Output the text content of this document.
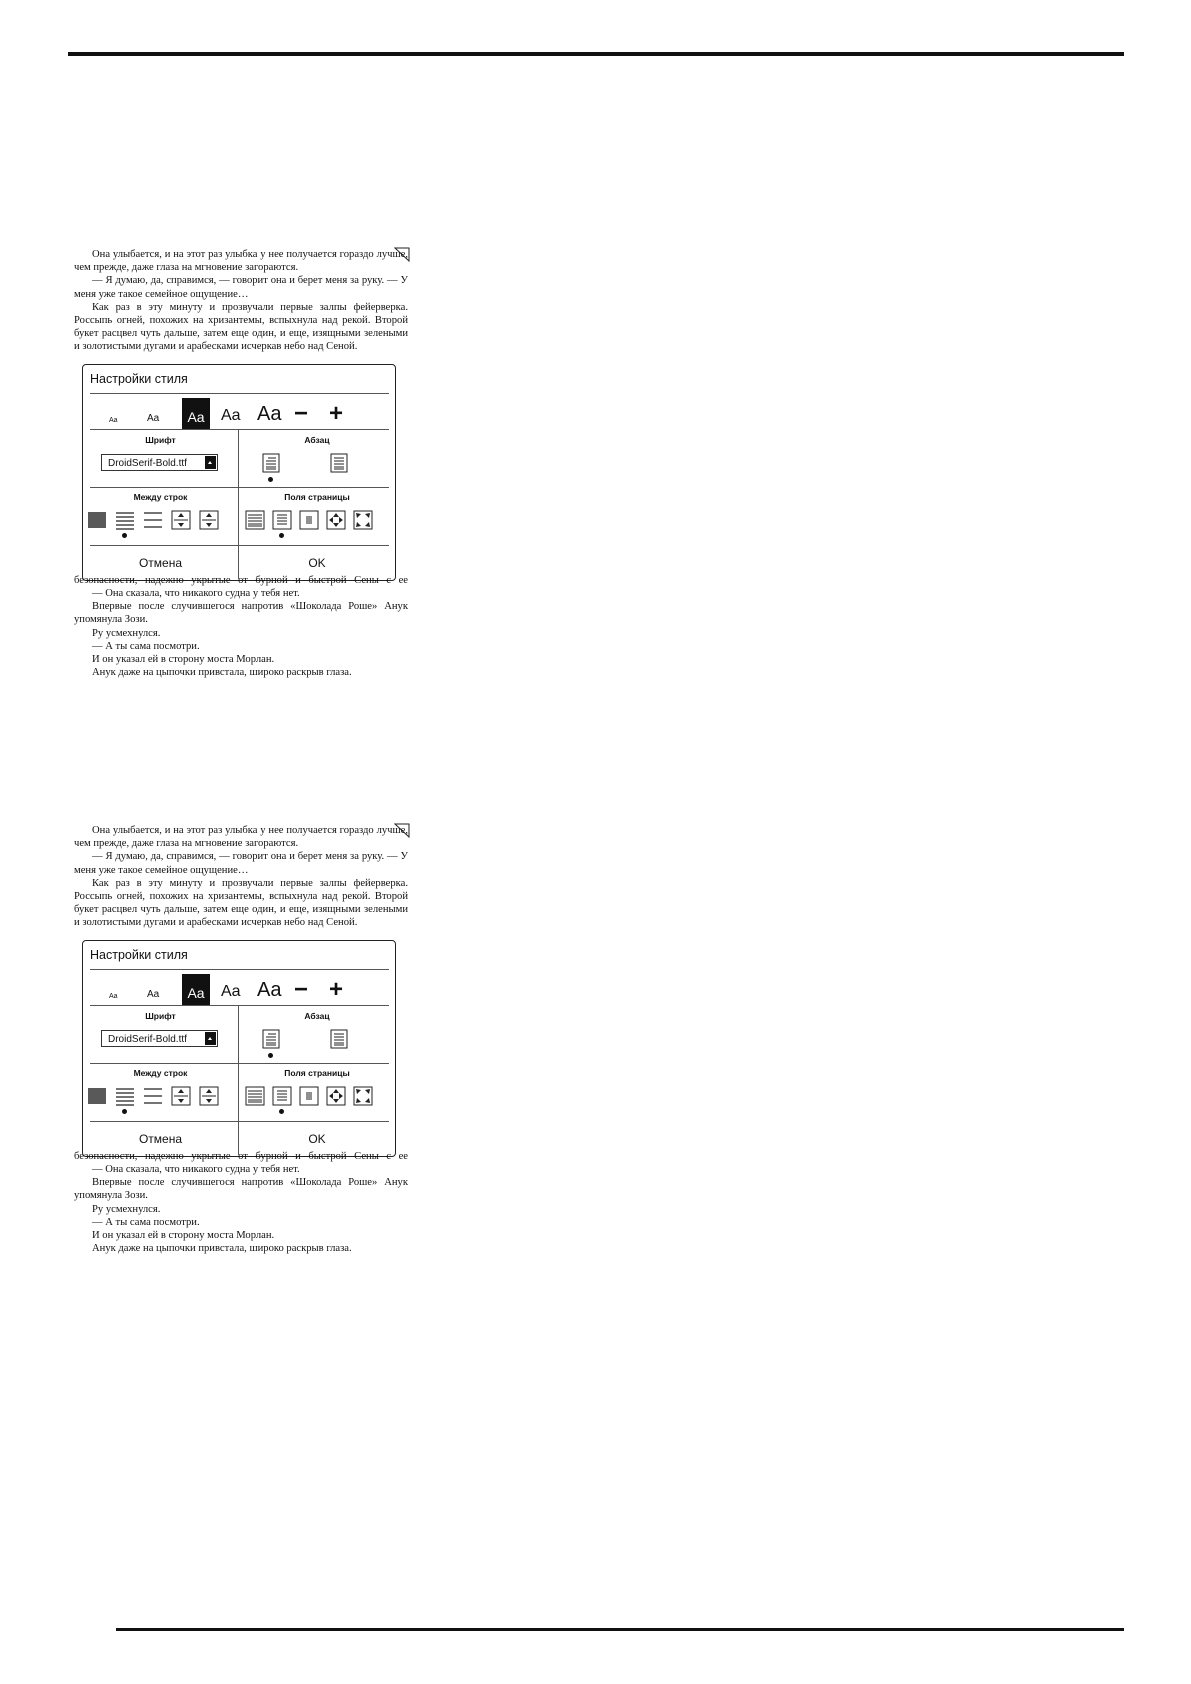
Она улыбается, и на этот раз улыбка у нее получается гораздо лучше, чем прежде, даже глаза на мгновение загораются.

— Я думаю, да, справимся, — говорит она и берет меня за руку. — У меня уже такое семейное ощущение…

Как раз в эту минуту и прозвучали первые залпы фейерверка. Россыпь огней, похожих на хризантемы, вспыхнула над рекой. Второй букет расцвел чуть дальше, затем еще один, и еще, изящными зелеными и золотистыми дугами и арабесками исчеркав небо над Сеной.

Настройки стиля
Aa	Aa	Aa	Aa Aa − +
Шрифт
DroidSerif-Bold.ttf
Абзац
Между строк	Поля страницы
Отмена	OK

безопасности, надежно укрытые от бурной и быстрой Сены с ее

— Она сказала, что никакого судна у тебя нет.

Впервые после случившегося напротив «Шоколада Роше» Анук упомянула Зози.

Ру усмехнулся.

— А ты сама посмотри.

И он указал ей в сторону моста Морлан.

Анук даже на цыпочки привстала, широко раскрыв глаза.

Она улыбается, и на этот раз улыбка у нее получается гораздо лучше, чем прежде, даже глаза на мгновение загораются.

— Я думаю, да, справимся, — говорит она и берет меня за руку. — У меня уже такое семейное ощущение…

Как раз в эту минуту и прозвучали первые залпы фейерверка. Россыпь огней, похожих на хризантемы, вспыхнула над рекой. Второй букет расцвел чуть дальше, затем еще один, и еще, изящными зелеными и золотистыми дугами и арабесками исчеркав небо над Сеной.

Настройки стиля
Aa	Aa	Aa	Aa Aa − +
Шрифт
DroidSerif-Bold.ttf
Абзац
Между строк	Поля страницы
Отмена	OK

безопасности, надежно укрытые от бурной и быстрой Сены с ее

— Она сказала, что никакого судна у тебя нет.

Впервые после случившегося напротив «Шоколада Роше» Анук упомянула Зози.

Ру усмехнулся.

— А ты сама посмотри.

И он указал ей в сторону моста Морлан.

Анук даже на цыпочки привстала, широко раскрыв глаза.
